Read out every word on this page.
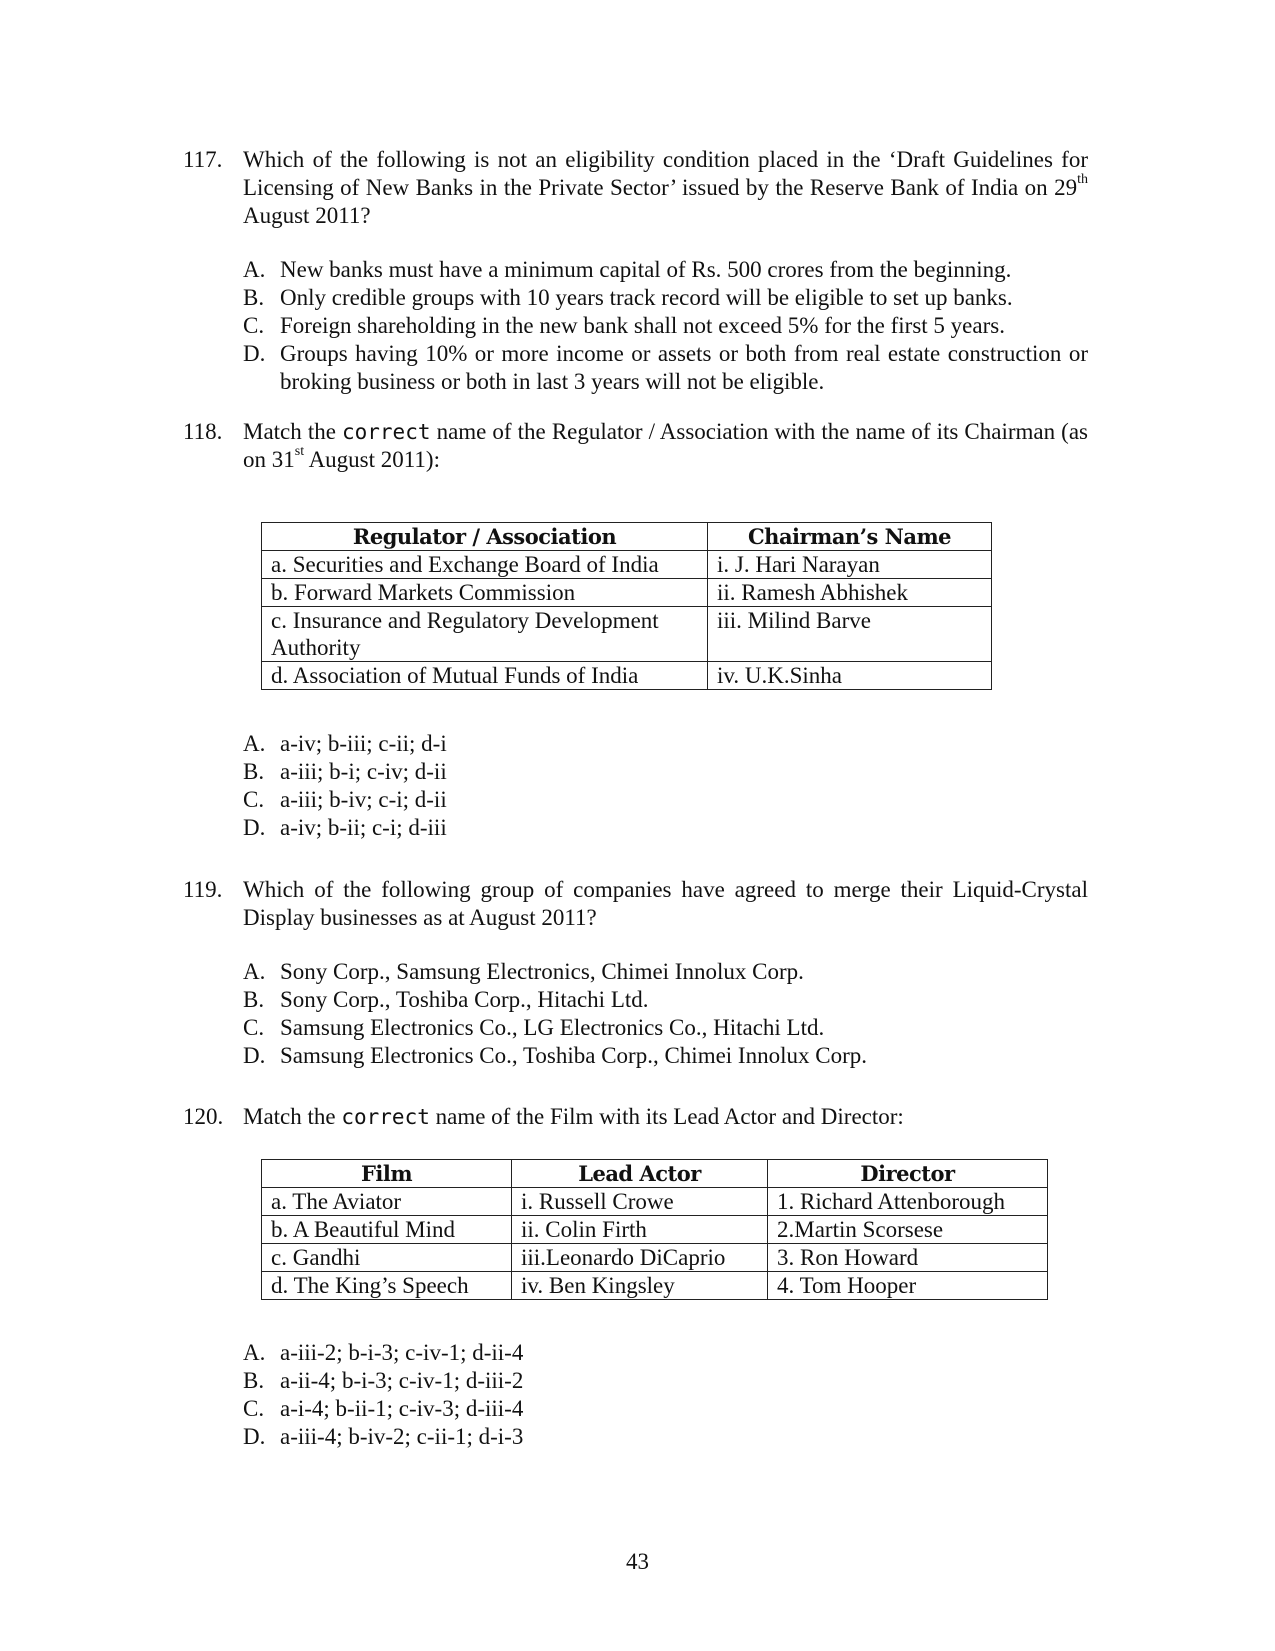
117. Which of the following is not an eligibility condition placed in the ‘Draft Guidelines for Licensing of New Banks in the Private Sector’ issued by the Reserve Bank of India on 29th August 2011?
A. New banks must have a minimum capital of Rs. 500 crores from the beginning.
B. Only credible groups with 10 years track record will be eligible to set up banks.
C. Foreign shareholding in the new bank shall not exceed 5% for the first 5 years.
D. Groups having 10% or more income or assets or both from real estate construction or broking business or both in last 3 years will not be eligible.
118. Match the correct name of the Regulator / Association with the name of its Chairman (as on 31st August 2011):
Regulator / Association	Chairman’s Name
a. Securities and Exchange Board of India	i. J. Hari Narayan
b. Forward Markets Commission	ii. Ramesh Abhishek
c. Insurance and Regulatory Development Authority	iii. Milind Barve
d. Association of Mutual Funds of India	iv. U.K.Sinha
A. a-iv; b-iii; c-ii; d-i
B. a-iii; b-i; c-iv; d-ii
C. a-iii; b-iv; c-i; d-ii
D. a-iv; b-ii; c-i; d-iii
119. Which of the following group of companies have agreed to merge their Liquid-Crystal Display businesses as at August 2011?
A. Sony Corp., Samsung Electronics, Chimei Innolux Corp.
B. Sony Corp., Toshiba Corp., Hitachi Ltd.
C. Samsung Electronics Co., LG Electronics Co., Hitachi Ltd.
D. Samsung Electronics Co., Toshiba Corp., Chimei Innolux Corp.
120. Match the correct name of the Film with its Lead Actor and Director:
Film	Lead Actor	Director
a. The Aviator	i. Russell Crowe	1. Richard Attenborough
b. A Beautiful Mind	ii. Colin Firth	2.Martin Scorsese
c. Gandhi	iii.Leonardo DiCaprio	3. Ron Howard
d. The King’s Speech	iv. Ben Kingsley	4. Tom Hooper
A. a-iii-2; b-i-3; c-iv-1; d-ii-4
B. a-ii-4; b-i-3; c-iv-1; d-iii-2
C. a-i-4; b-ii-1; c-iv-3; d-iii-4
D. a-iii-4; b-iv-2; c-ii-1; d-i-3
43
